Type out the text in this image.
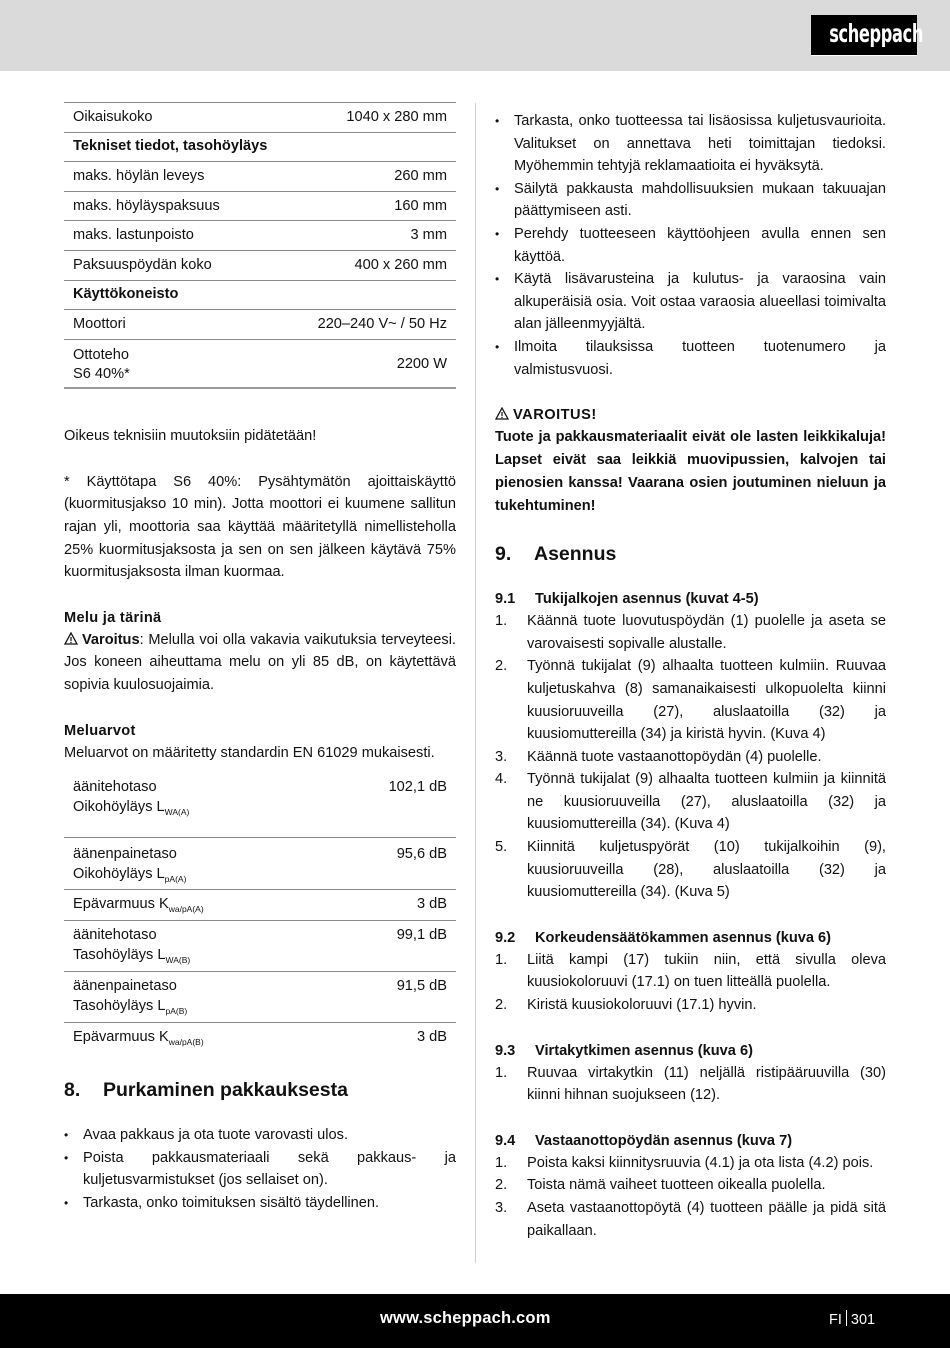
scheppach
Oikaisukoko	1040 x 280 mm
Tekniset tiedot, tasohöyläys	
maks. höylän leveys	260 mm
maks. höyläyspaksuus	160 mm
maks. lastunpoisto	3 mm
Paksuuspöydän koko	400 x 260 mm
Käyttökoneisto	
Moottori	220–240 V~ / 50 Hz
Ottoteho
S6 40%*	2200 W

Oikeus teknisiin muutoksiin pidätetään!

* Käyttötapa S6 40%: Pysähtymätön ajoittaiskäyttö (kuormitusjakso 10 min). Jotta moottori ei kuumene sallitun rajan yli, moottoria saa käyttää määritetyllä nimellisteholla 25% kuormitusjaksosta ja sen on sen jälkeen käytävä 75% kuormitusjaksosta ilman kuormaa.

Melu ja tärinä

Varoitus: Melulla voi olla vakavia vaikutuksia terveyteesi. Jos koneen aiheuttama melu on yli 85 dB, on käytettävä sopivia kuulosuojaimia.

Meluarvot

Meluarvot on määritetty standardin EN 61029 mukaisesti.

äänitehotaso
Oikohöyläys $L_{WA(A)}$	102,1 dB
äänenpainetaso
Oikohöyläys $L_{pA(A)}$	95,6 dB
Epävarmuus $K_{wa/pA(A)}$	3 dB
äänitehotaso
Tasohöyläys $L_{WA(B)}$	99,1 dB
äänenpainetaso
Tasohöyläys $L_{pA(B)}$	91,5 dB
Epävarmuus $K_{wa/pA(B)}$	3 dB
8. Purkaminen pakkauksesta
• Avaa pakkaus ja ota tuote varovasti ulos.
• Poista pakkausmateriaali sekä pakkaus- ja kuljetusvarmistukset (jos sellaiset on).
• Tarkasta, onko toimituksen sisältö täydellinen.
• Tarkasta, onko tuotteessa tai lisäosissa kuljetusvaurioita. Valitukset on annettava heti toimittajan tiedoksi. Myöhemmin tehtyjä reklamaatioita ei hyväksytä.
• Säilytä pakkausta mahdollisuuksien mukaan takuuajan päättymiseen asti.
• Perehdy tuotteeseen käyttöohjeen avulla ennen sen käyttöä.
• Käytä lisävarusteina ja kulutus- ja varaosina vain alkuperäisiä osia. Voit ostaa varaosia alueellasi toimivalta alan jälleenmyyjältä.
• Ilmoita tilauksissa tuotteen tuotenumero ja valmistusvuosi.
VAROITUS!

Tuote ja pakkausmateriaalit eivät ole lasten leikkikaluja! Lapset eivät saa leikkiä muovipussien, kalvojen tai pienosien kanssa! Vaarana osien joutuminen nieluun ja tukehtuminen!

9. Asennus
9.1 Tukijalkojen asennus (kuvat 4-5)
1. Käännä tuote luovutuspöydän (1) puolelle ja aseta se varovaisesti sopivalle alustalle.
2. Työnnä tukijalat (9) alhaalta tuotteen kulmiin. Ruuvaa kuljetuskahva (8) samanaikaisesti ulkopuolelta kiinni kuusioruuveilla (27), aluslaatoilla (32) ja kuusiomuttereilla (34) ja kiristä hyvin. (Kuva 4)
3. Käännä tuote vastaanottopöydän (4) puolelle.
4. Työnnä tukijalat (9) alhaalta tuotteen kulmiin ja kiinnitä ne kuusioruuveilla (27), aluslaatoilla (32) ja kuusiomuttereilla (34). (Kuva 4)
5. Kiinnitä kuljetuspyörät (10) tukijalkoihin (9), kuusioruuveilla (28), aluslaatoilla (32) ja kuusiomuttereilla (34). (Kuva 5)
9.2 Korkeudensäätökammen asennus (kuva 6)
1. Liitä kampi (17) tukiin niin, että sivulla oleva kuusiokoloruuvi (17.1) on tuen litteällä puolella.
2. Kiristä kuusiokoloruuvi (17.1) hyvin.
9.3 Virtakytkimen asennus (kuva 6)
1. Ruuvaa virtakytkin (11) neljällä ristipääruuvilla (30) kiinni hihnan suojukseen (12).
9.4 Vastaanottopöydän asennus (kuva 7)
1. Poista kaksi kiinnitysruuvia (4.1) ja ota lista (4.2) pois.
2. Toista nämä vaiheet tuotteen oikealla puolella.
3. Aseta vastaanottopöytä (4) tuotteen päälle ja pidä sitä paikallaan.
www.scheppach.com	FI 301
